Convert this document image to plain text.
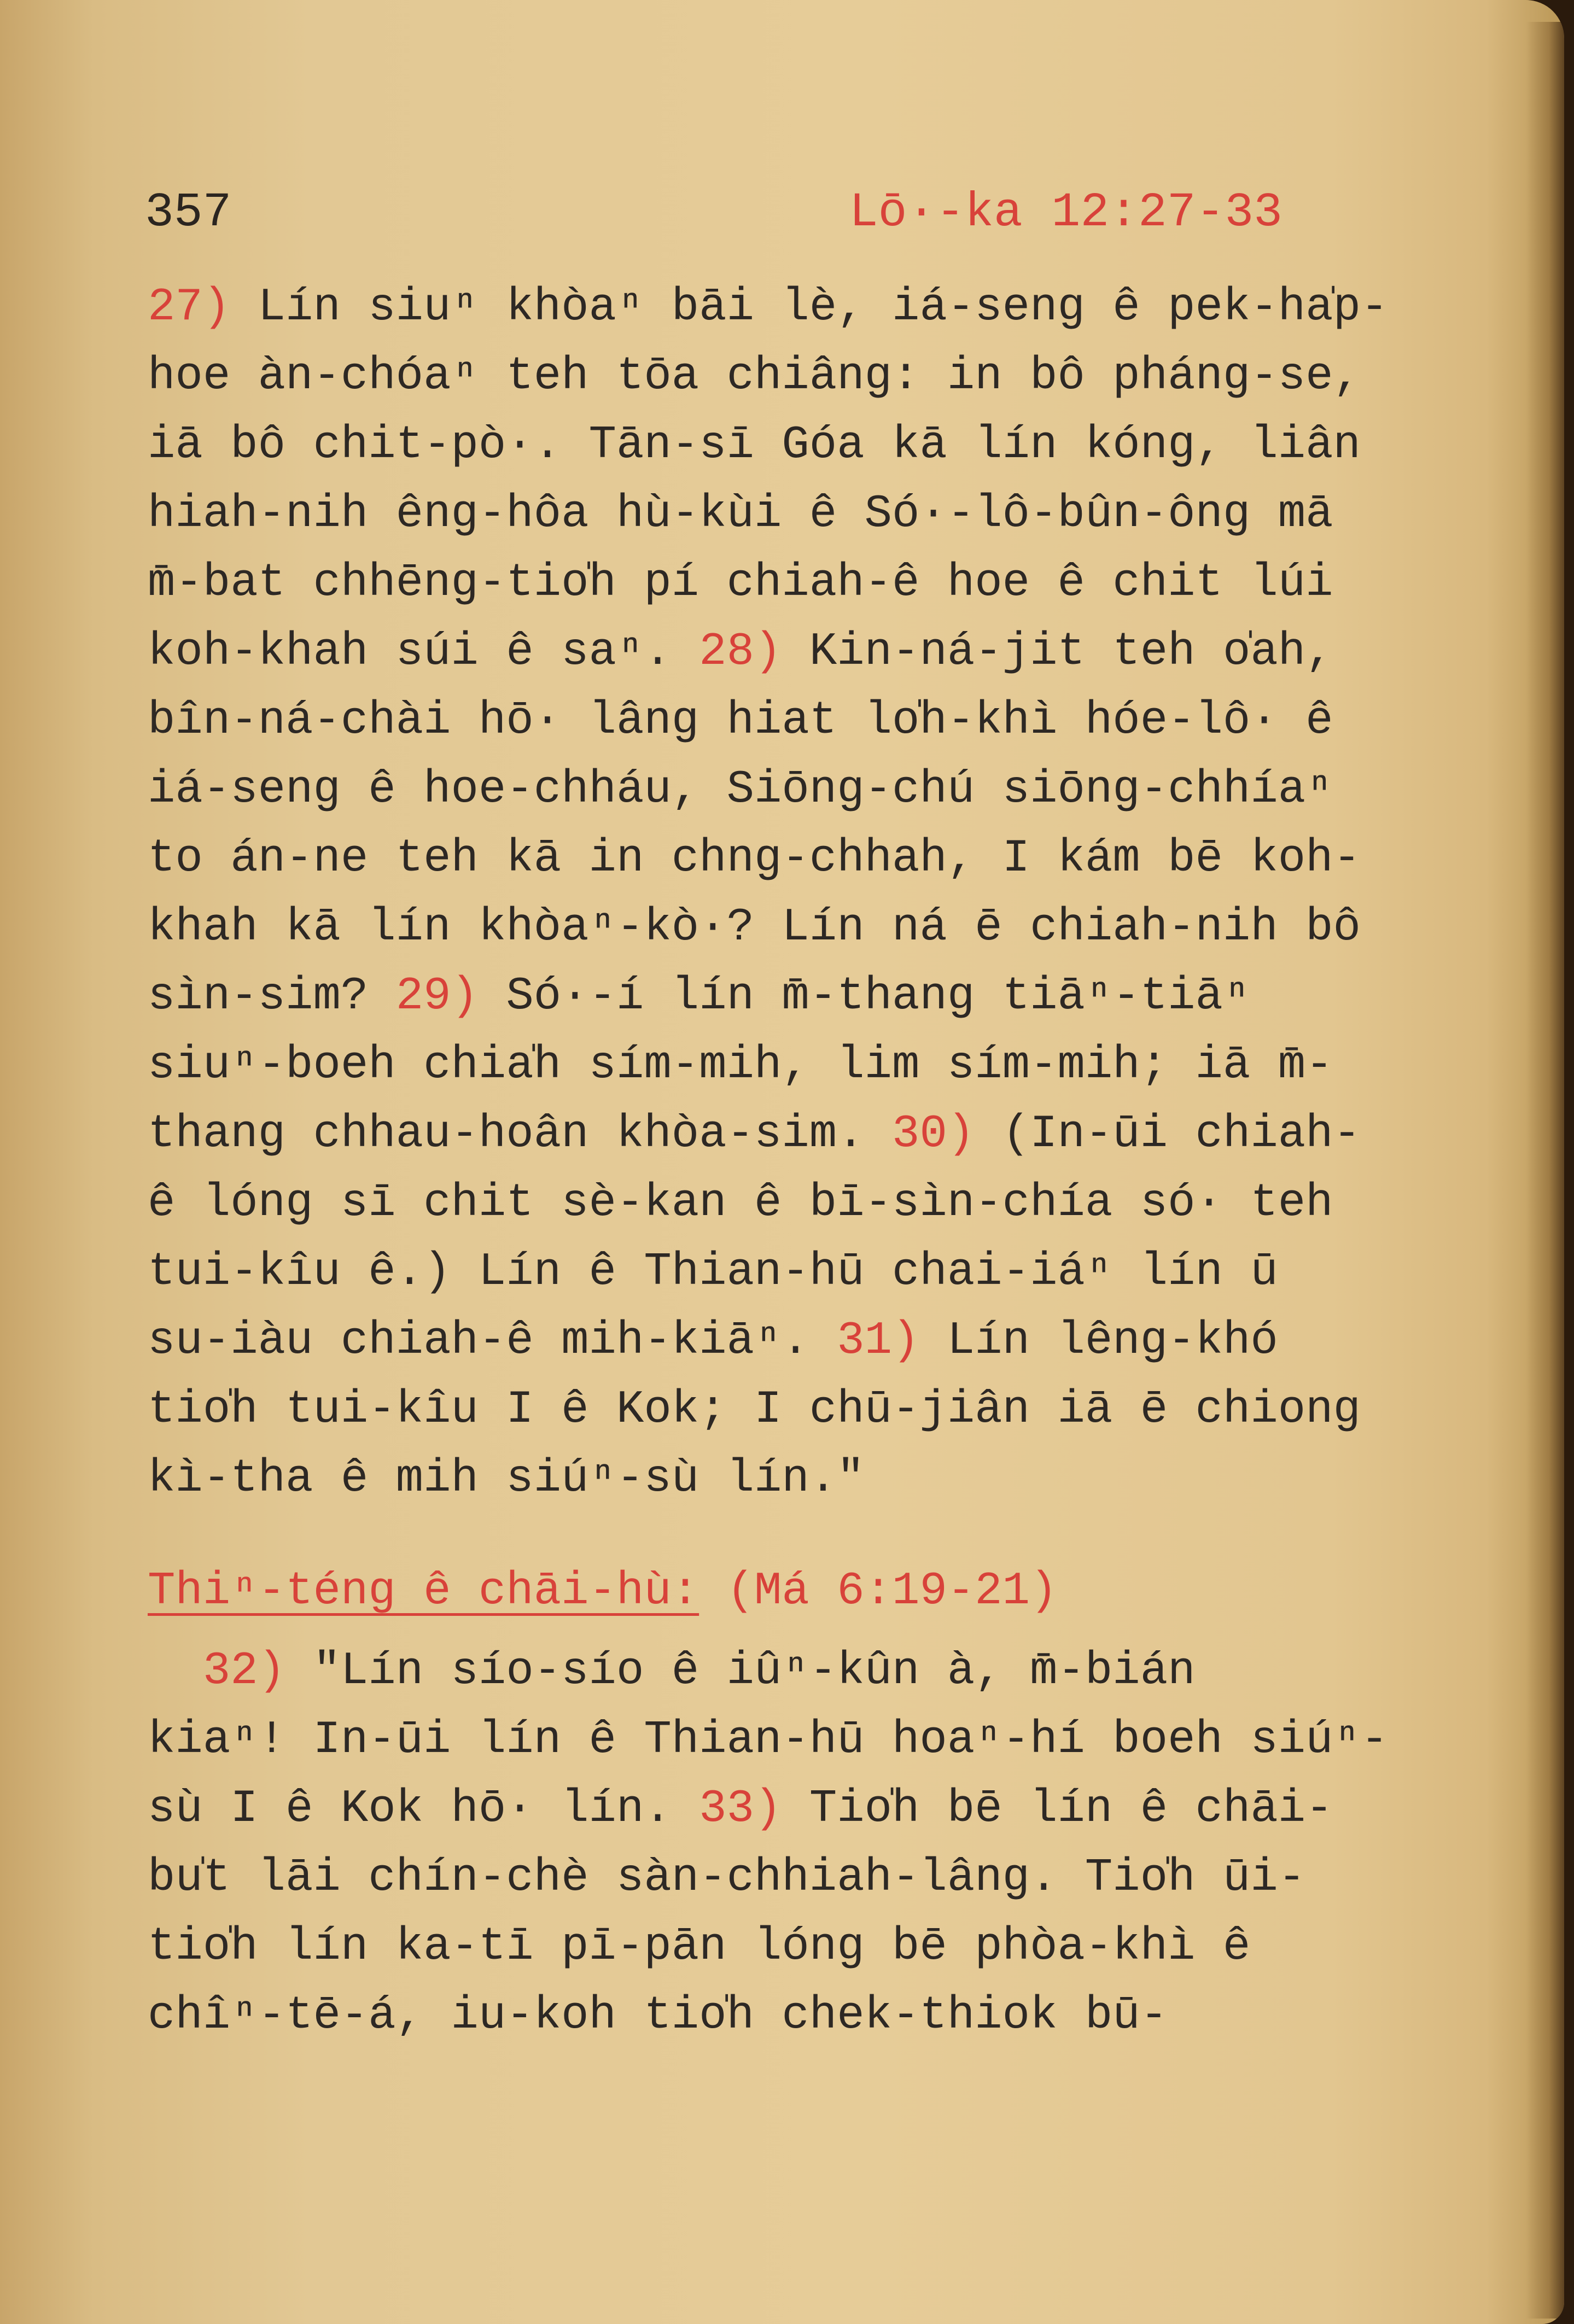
357	Lō·-ka 12:27-33
27) Lín siuⁿ khòaⁿ bāi lè, iá-seng ê pek-ha̍p-
hoe àn-chóaⁿ teh tōa chiâng: in bô pháng-se,
iā bô chit-pò·. Tān-sī Góa kā lín kóng, liân
hiah-nih êng-hôa hù-kùi ê Só·-lô-bûn-ông mā
m̄-bat chhēng-tio̍h pí chiah-ê hoe ê chit lúi
koh-khah súi ê saⁿ. 28) Kin-ná-jit teh o̍ah,
bîn-ná-chài hō· lâng hiat lo̍h-khì hóe-lô· ê
iá-seng ê hoe-chháu, Siōng-chú siōng-chhíaⁿ
to án-ne teh kā in chng-chhah, I kám bē koh-
khah kā lín khòaⁿ-kò·? Lín ná ē chiah-nih bô
sìn-sim? 29) Só·-í lín m̄-thang tiāⁿ-tiāⁿ
siuⁿ-boeh chia̍h sím-mih, lim sím-mih; iā m̄-
thang chhau-hoân khòa-sim. 30) (In-ūi chiah-
ê lóng sī chit sè-kan ê bī-sìn-chía só· teh
tui-kîu ê.) Lín ê Thian-hū chai-iáⁿ lín ū
su-iàu chiah-ê mih-kiāⁿ. 31) Lín lêng-khó
tio̍h tui-kîu I ê Kok; I chū-jiân iā ē chiong
kì-tha ê mih siúⁿ-sù lín."
Thiⁿ-téng ê chāi-hù: (Má 6:19-21)
32) "Lín sío-sío ê iûⁿ-kûn à, m̄-bián
kiaⁿ! In-ūi lín ê Thian-hū hoaⁿ-hí boeh siúⁿ-
sù I ê Kok hō· lín. 33) Tio̍h bē lín ê chāi-
bu̍t lāi chín-chè sàn-chhiah-lâng. Tio̍h ūi-
tio̍h lín ka-tī pī-pān lóng bē phòa-khì ê
chîⁿ-tē-á, iu-koh tio̍h chek-thiok bū-
